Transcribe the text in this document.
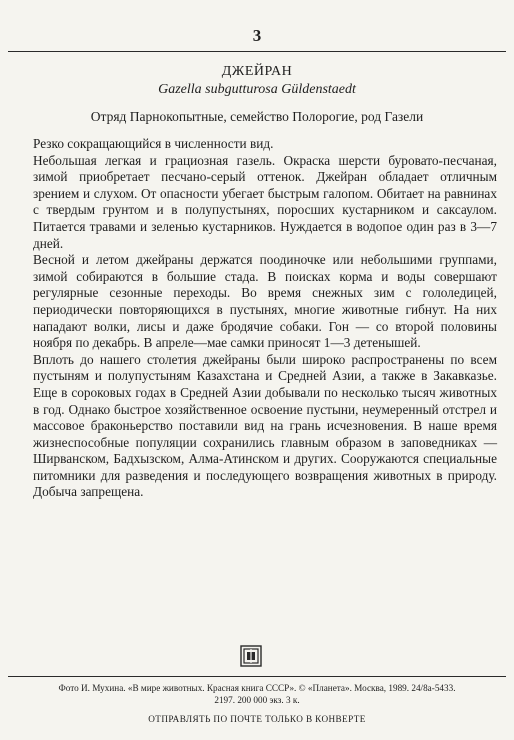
3
ДЖЕЙРАН
Gazella subgutturosa Güldenstaedt
Отряд Парнокопытные, семейство Полорогие, род Газели

Резко сокращающийся в численности вид.

Небольшая легкая и грациозная газель. Окраска шерсти буровато-песчаная, зимой приобретает песчано-серый оттенок. Джейран обладает отличным зрением и слухом. От опасности убегает быстрым галопом. Обитает на равнинах с твердым грунтом и в полупустынях, поросших кустарником и саксаулом. Питается травами и зеленью кустарников. Нуждается в водопое один раз в 3—7 дней.

Весной и летом джейраны держатся поодиночке или небольшими группами, зимой собираются в большие стада. В поисках корма и воды совершают регулярные сезонные переходы. Во время снежных зим с гололедицей, периодически повторяющихся в пустынях, многие животные гибнут. На них нападают волки, лисы и даже бродячие собаки. Гон — со второй половины ноября по декабрь. В апреле—мае самки приносят 1—3 детенышей.

Вплоть до нашего столетия джейраны были широко распространены по всем пустыням и полупустыням Казахстана и Средней Азии, а также в Закавказье. Еще в сороковых годах в Средней Азии добывали по несколько тысяч животных в год. Однако быстрое хозяйственное освоение пустыни, неумеренный отстрел и массовое браконьерство поставили вид на грань исчезновения. В наше время жизнеспособные популяции сохранились главным образом в заповедниках — Ширванском, Бадхызском, Алма-Атинском и других. Сооружаются специальные питомники для разведения и последующего возвращения животных в природу. Добыча запрещена.

Фото И. Мухина. «В мире животных. Красная книга СССР». © «Планета». Москва, 1989. 24/8а-5433.
2197. 200 000 экз. 3 к.
ОТПРАВЛЯТЬ ПО ПОЧТЕ ТОЛЬКО В КОНВЕРТЕ
